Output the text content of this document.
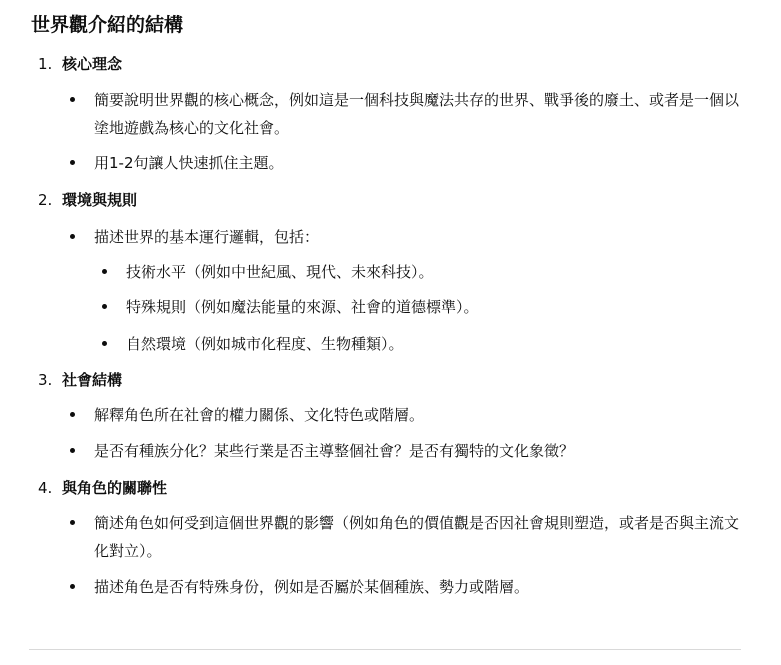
世界觀介紹的結構
1. 核心理念
簡要說明世界觀的核心概念，例如這是一個科技與魔法共存的世界、戰爭後的廢土、或者是一個以塗地遊戲為核心的文化社會。
用1-2句讓人快速抓住主題。
2. 環境與規則
描述世界的基本運行邏輯，包括：
技術水平（例如中世紀風、現代、未來科技）。
特殊規則（例如魔法能量的來源、社會的道德標準）。
自然環境（例如城市化程度、生物種類）。
3. 社會結構
解釋角色所在社會的權力關係、文化特色或階層。
是否有種族分化？某些行業是否主導整個社會？是否有獨特的文化象徵？
4. 與角色的關聯性
簡述角色如何受到這個世界觀的影響（例如角色的價值觀是否因社會規則塑造，或者是否與主流文化對立）。
描述角色是否有特殊身份，例如是否屬於某個種族、勢力或階層。
